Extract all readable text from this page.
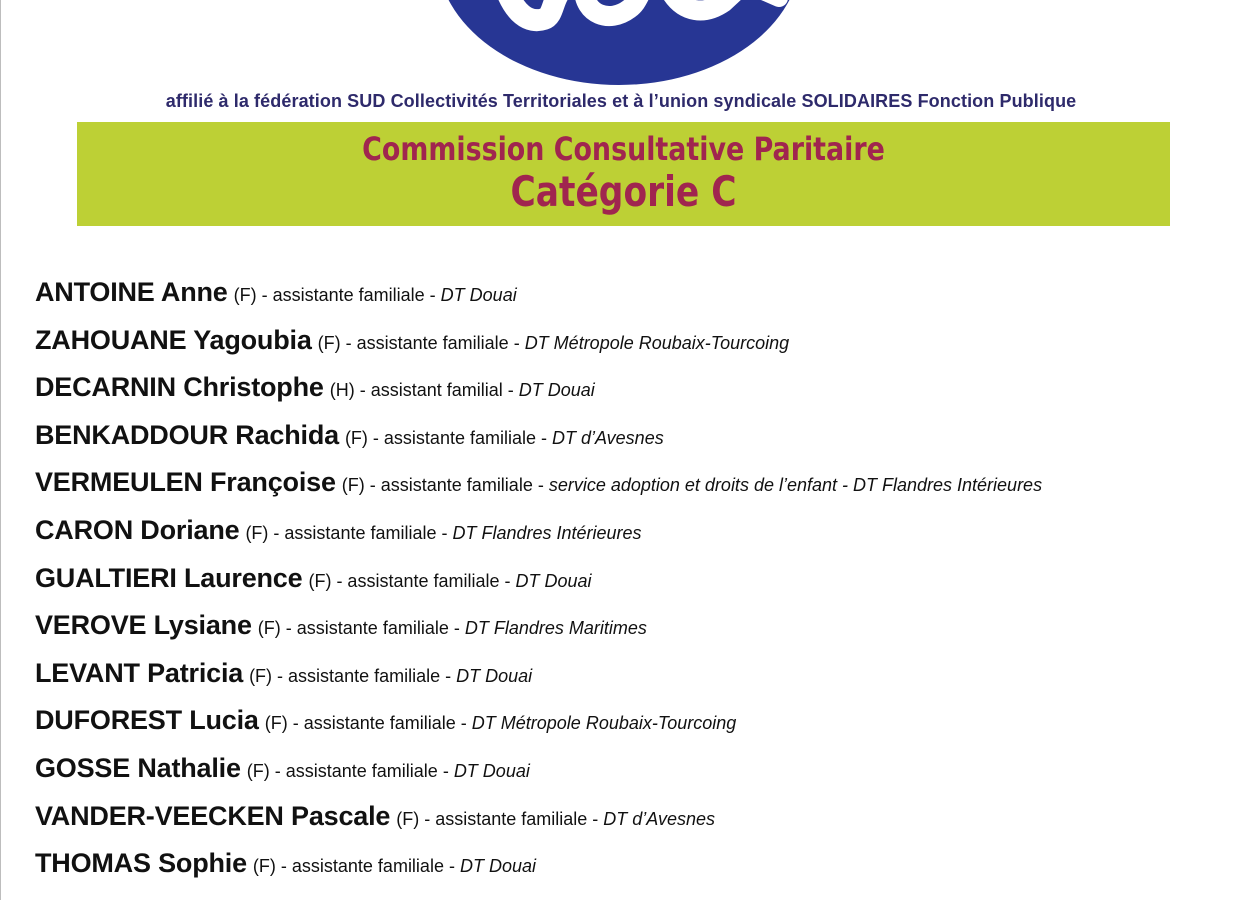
affilié à la fédération SUD Collectivités Territoriales et à l’union syndicale SOLIDAIRES Fonction Publique
Commission Consultative Paritaire
Catégorie C
ANTOINE Anne (F) - assistante familiale - DT Douai
ZAHOUANE Yagoubia (F) - assistante familiale - DT Métropole Roubaix-Tourcoing
DECARNIN Christophe (H) - assistant familial - DT Douai
BENKADDOUR Rachida (F) - assistante familiale - DT d’Avesnes
VERMEULEN Françoise (F) - assistante familiale - service adoption et droits de l’enfant - DT Flandres Intérieures
CARON Doriane (F) - assistante familiale - DT Flandres Intérieures
GUALTIERI Laurence (F) - assistante familiale - DT Douai
VEROVE Lysiane (F) - assistante familiale - DT Flandres Maritimes
LEVANT Patricia (F) - assistante familiale - DT Douai
DUFOREST Lucia (F) - assistante familiale - DT Métropole Roubaix-Tourcoing
GOSSE Nathalie (F) - assistante familiale - DT Douai
VANDER-VEECKEN Pascale (F) - assistante familiale - DT d’Avesnes
THOMAS Sophie (F) - assistante familiale - DT Douai
